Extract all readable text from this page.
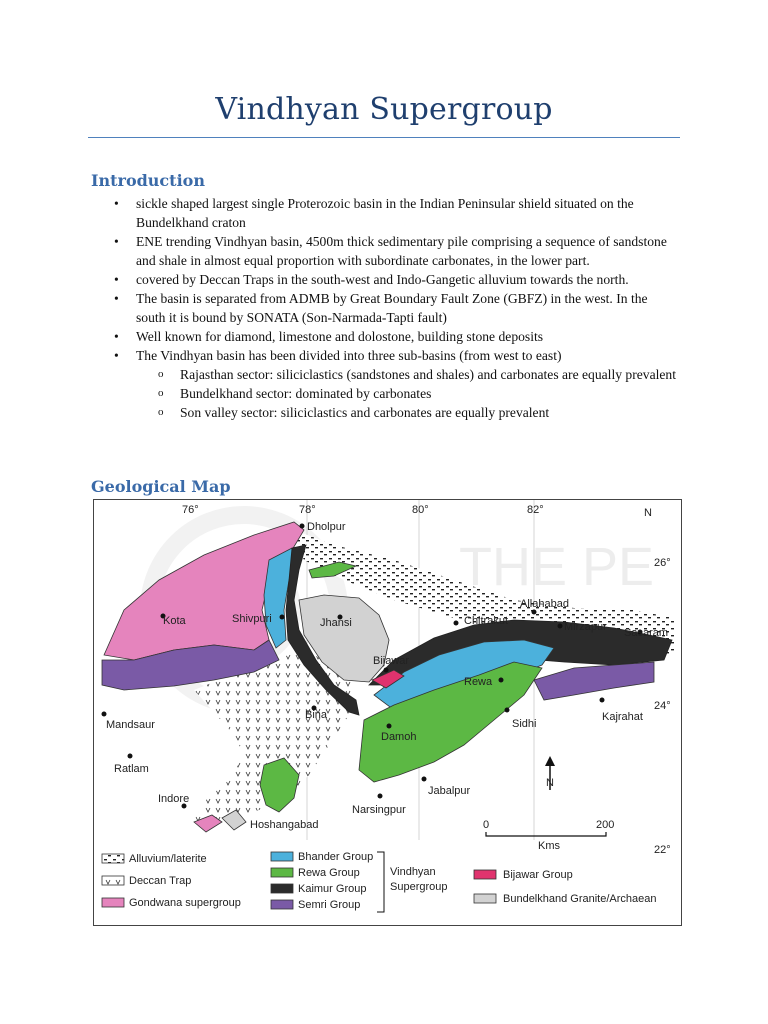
Vindhyan Supergroup
Introduction
• sickle shaped largest single Proterozoic basin in the Indian Peninsular shield situated on the Bundelkhand craton
• ENE trending Vindhyan basin, 4500m thick sedimentary pile comprising a sequence of sandstone and shale in almost equal proportion with subordinate carbonates, in the lower part.
• covered by Deccan Traps in the south-west and Indo-Gangetic alluvium towards the north.
• The basin is separated from ADMB by Great Boundary Fault Zone (GBFZ) in the west. In the south it is bound by SONATA (Son-Narmada-Tapti fault)
• Well known for diamond, limestone and dolostone, building stone deposits
• The Vindhyan basin has been divided into three sub-basins (from west to east)
o Rajasthan sector: siliciclastics (sandstones and shales) and carbonates are equally prevalent
o Bundelkhand sector: dominated by carbonates
o Son valley sector: siliciclastics and carbonates are equally prevalent
Geological Map
THE PE
76°	78°	80°	82°	N
26°
24°
22°
Dholpur
Kota	Shivpuri	Jhansi	Chitrakut
Allahabad
Mirzapur Sasaram
Bijawar
Rewa
Bina
Sidhi
Kajrahat
Mandsaur
Damoh
Ratlam
Indore
Jabalpur
Narsingpur
Hoshangabad
N
0	200
Kms
Alluvium/laterite
Deccan Trap
Gondwana supergroup
Bhander Group
Rewa Group
Kaimur Group
Semri Group
Vindhyan
Supergroup
Bijawar Group
Bundelkhand Granite/Archaean
